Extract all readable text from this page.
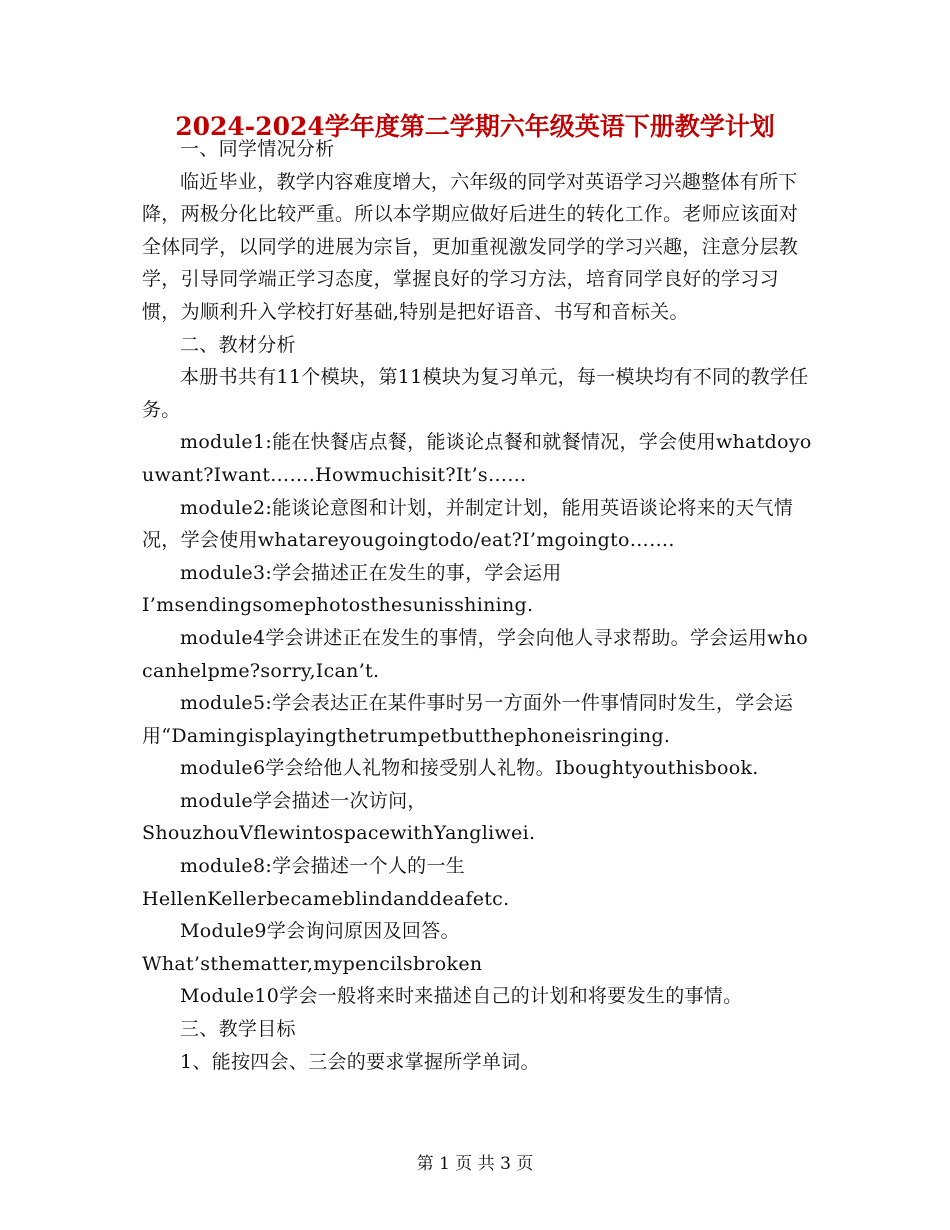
2024-2024学年度第二学期六年级英语下册教学计划

一、同学情况分析

临近毕业，教学内容难度增大，六年级的同学对英语学习兴趣整体有所下降，两极分化比较严重。所以本学期应做好后进生的转化工作。老师应该面对全体同学，以同学的进展为宗旨，更加重视激发同学的学习兴趣，注意分层教学，引导同学端正学习态度，掌握良好的学习方法，培育同学良好的学习习惯，为顺利升入学校打好基础,特别是把好语音、书写和音标关。

二、教材分析

本册书共有11个模块，第11模块为复习单元，每一模块均有不同的教学任务。

module1:能在快餐店点餐，能谈论点餐和就餐情况，学会使用whatdoyouwant?Iwant…….Howmuchisit?It’s……

module2:能谈论意图和计划，并制定计划，能用英语谈论将来的天气情况，学会使用whatareyougoingtodo/eat?I’mgoingto…….

module3:学会描述正在发生的事，学会运用

I’msendingsomephotosthesunisshining.

module4学会讲述正在发生的事情，学会向他人寻求帮助。学会运用whocanhelpme?sorry,Ican’t.

module5:学会表达正在某件事时另一方面外一件事情同时发生，学会运用“Damingisplayingthetrumpetbutthephoneisringing.

module6学会给他人礼物和接受别人礼物。Iboughtyouthisbook.

module学会描述一次访问，

ShouzhouVflewintospacewithYangliwei.

module8:学会描述一个人的一生

HellenKellerbecameblindanddeafetc.

Module9学会询问原因及回答。

What’sthematter,mypencilsbroken

Module10学会一般将来时来描述自己的计划和将要发生的事情。

三、教学目标

1、能按四会、三会的要求掌握所学单词。

第 1 页 共 3 页
